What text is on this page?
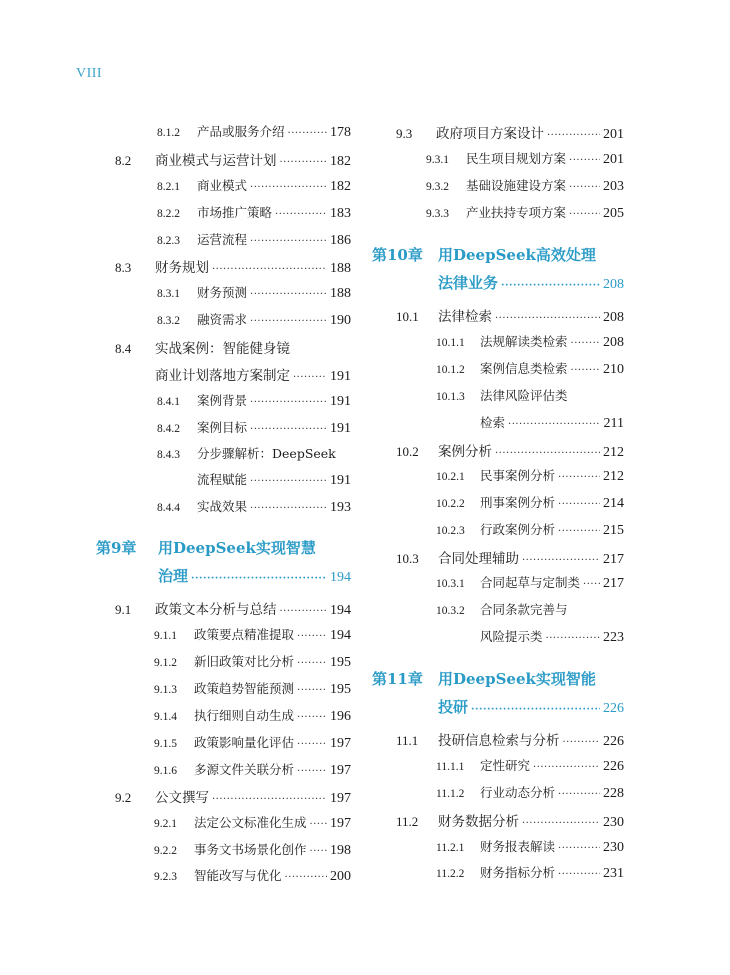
VIII
8.1.2	产品或服务介绍 ·····	178
8.2	商业模式与运营计划 ·····	182
8.2.1	商业模式 ·····	182
8.2.2	市场推广策略 ·····	183
8.2.3	运营流程 ·····	186
8.3	财务规划 ·····	188
8.3.1	财务预测 ·····	188
8.3.2	融资需求 ·····	190
8.4	实战案例：智能健身镜
商业计划落地方案制定 ·····	191
8.4.1	案例背景 ·····	191
8.4.2	案例目标 ·····	191
8.4.3	分步骤解析：DeepSeek
流程赋能 ·····	191
8.4.4	实战效果 ·····	193
第9章 用DeepSeek实现智慧
治理 ·····	194
9.1	政策文本分析与总结 ·····	194
9.1.1	政策要点精准提取 ·····	194
9.1.2	新旧政策对比分析 ·····	195
9.1.3	政策趋势智能预测 ·····	195
9.1.4	执行细则自动生成 ·····	196
9.1.5	政策影响量化评估 ·····	197
9.1.6	多源文件关联分析 ·····	197
9.2	公文撰写 ·····	197
9.2.1	法定公文标准化生成 ····· 197
9.2.2	事务文书场景化创作 ····· 198
9.2.3	智能改写与优化 ·····	200
9.3	政府项目方案设计 ·····	201
9.3.1	民生项目规划方案 ·····	201
9.3.2	基础设施建设方案 ·····	203
9.3.3	产业扶持专项方案 ·····	205
第10章 用DeepSeek高效处理
法律业务 ·····	208
10.1	法律检索 ·····	208
10.1.1	法规解读类检索 ·····	208
10.1.2	案例信息类检索 ·····	210
10.1.3	法律风险评估类
检索 ·····	211
10.2	案例分析 ·····	212
10.2.1	民事案例分析 ·····	212
10.2.2	刑事案例分析 ·····	214
10.2.3	行政案例分析 ·····	215
10.3	合同处理辅助 ·····	217
10.3.1	合同起草与定制类 ····· 217
10.3.2	合同条款完善与
风险提示类 ·····	223
第11章 用DeepSeek实现智能
投研 ·····	226
11.1	投研信息检索与分析 ·····	226
11.1.1	定性研究 ·····	226
11.1.2	行业动态分析 ·····	228
11.2	财务数据分析 ·····	230
11.2.1	财务报表解读 ·····	230
11.2.2	财务指标分析 ·····	231
